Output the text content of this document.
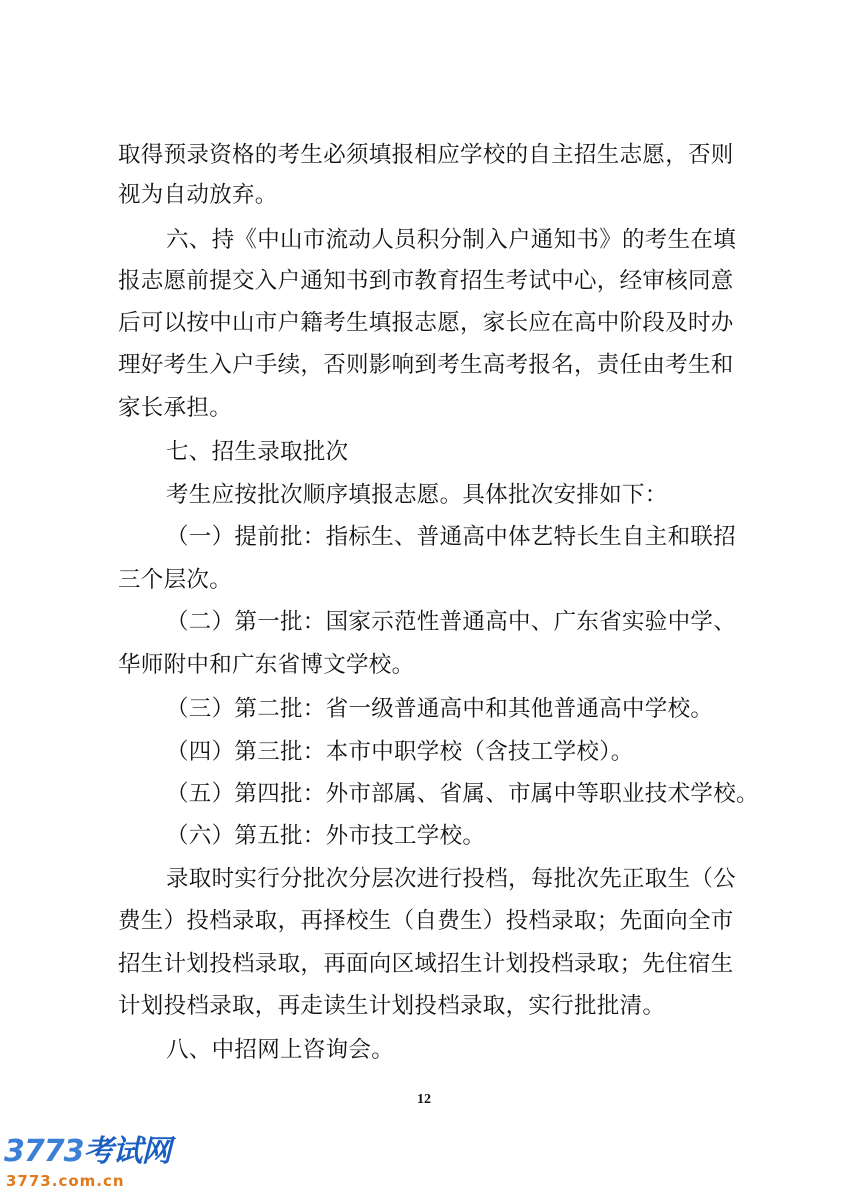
取得预录资格的考生必须填报相应学校的自主招生志愿，否则
视为自动放弃。
六、持《中山市流动人员积分制入户通知书》的考生在填
报志愿前提交入户通知书到市教育招生考试中心，经审核同意
后可以按中山市户籍考生填报志愿，家长应在高中阶段及时办
理好考生入户手续，否则影响到考生高考报名，责任由考生和
家长承担。
七、招生录取批次
考生应按批次顺序填报志愿。具体批次安排如下：
（一）提前批：指标生、普通高中体艺特长生自主和联招
三个层次。
（二）第一批：国家示范性普通高中、广东省实验中学、
华师附中和广东省博文学校。
（三）第二批：省一级普通高中和其他普通高中学校。
（四）第三批：本市中职学校（含技工学校）。
（五）第四批：外市部属、省属、市属中等职业技术学校。
（六）第五批：外市技工学校。
录取时实行分批次分层次进行投档，每批次先正取生（公
费生）投档录取，再择校生（自费生）投档录取；先面向全市
招生计划投档录取，再面向区域招生计划投档录取；先住宿生
计划投档录取，再走读生计划投档录取，实行批批清。
八、中招网上咨询会。
12
3773考试网
3773.com.cn
